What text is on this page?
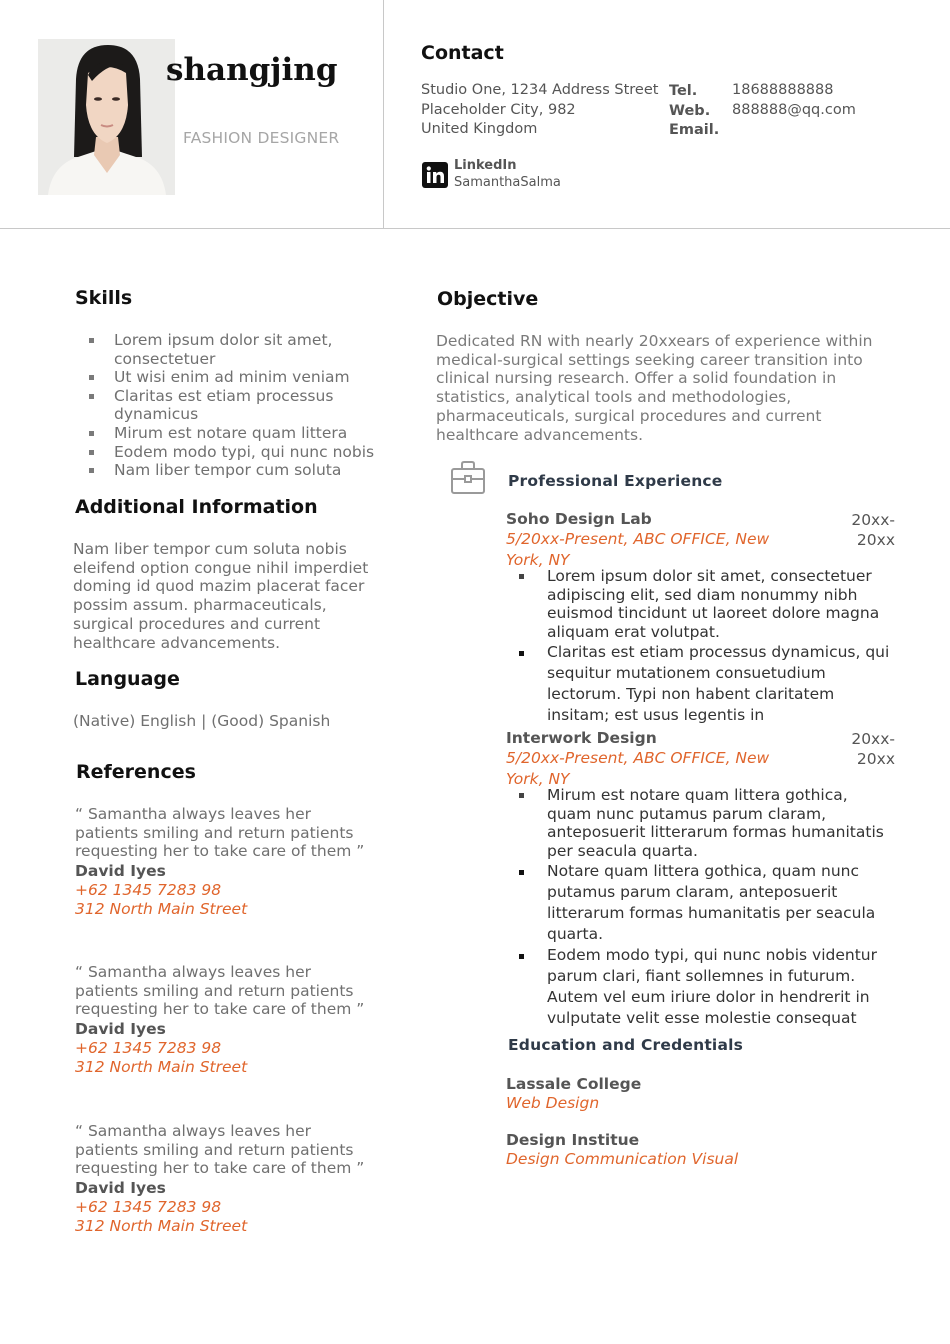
shangjing
FASHION DESIGNER
Contact
Studio One, 1234 Address Street
Placeholder City, 982
United Kingdom
Tel.
Web.
Email.
18688888888
888888@qq.com
LinkedIn
SamanthaSalma
Skills
Lorem ipsum dolor sit amet, consectetuer
Ut wisi enim ad minim veniam
Claritas est etiam processus dynamicus
Mirum est notare quam littera
Eodem modo typi, qui nunc nobis
Nam liber tempor cum soluta
Additional Information
Nam liber tempor cum soluta nobis eleifend option congue nihil imperdiet doming id quod mazim placerat facer possim assum. pharmaceuticals, surgical procedures and current healthcare advancements.
Language
(Native) English | (Good) Spanish
References
“ Samantha always leaves her patients smiling and return patients requesting her to take care of them ”
David Iyes
+62 1345 7283 98
312 North Main Street
“ Samantha always leaves her patients smiling and return patients requesting her to take care of them ”
David Iyes
+62 1345 7283 98
312 North Main Street
“ Samantha always leaves her patients smiling and return patients requesting her to take care of them ”
David Iyes
+62 1345 7283 98
312 North Main Street
Objective
Dedicated RN with nearly 20xxears of experience within medical-surgical settings seeking career transition into clinical nursing research. Offer a solid foundation in statistics, analytical tools and methodologies, pharmaceuticals, surgical procedures and current healthcare advancements.
Professional Experience
Soho Design Lab	20xx-20xx
5/20xx-Present, ABC OFFICE, New York, NY
Lorem ipsum dolor sit amet, consectetuer adipiscing elit, sed diam nonummy nibh euismod tincidunt ut laoreet dolore magna aliquam erat volutpat.
Claritas est etiam processus dynamicus, qui sequitur mutationem consuetudium lectorum. Typi non habent claritatem insitam; est usus legentis in
Interwork Design	20xx-20xx
5/20xx-Present, ABC OFFICE, New York, NY
Mirum est notare quam littera gothica, quam nunc putamus parum claram, anteposuerit litterarum formas humanitatis per seacula quarta.
Notare quam littera gothica, quam nunc putamus parum claram, anteposuerit litterarum formas humanitatis per seacula quarta.
Eodem modo typi, qui nunc nobis videntur parum clari, fiant sollemnes in futurum. Autem vel eum iriure dolor in hendrerit in vulputate velit esse molestie consequat
Education and Credentials
Lassale College
Web Design
Design Institue
Design Communication Visual
